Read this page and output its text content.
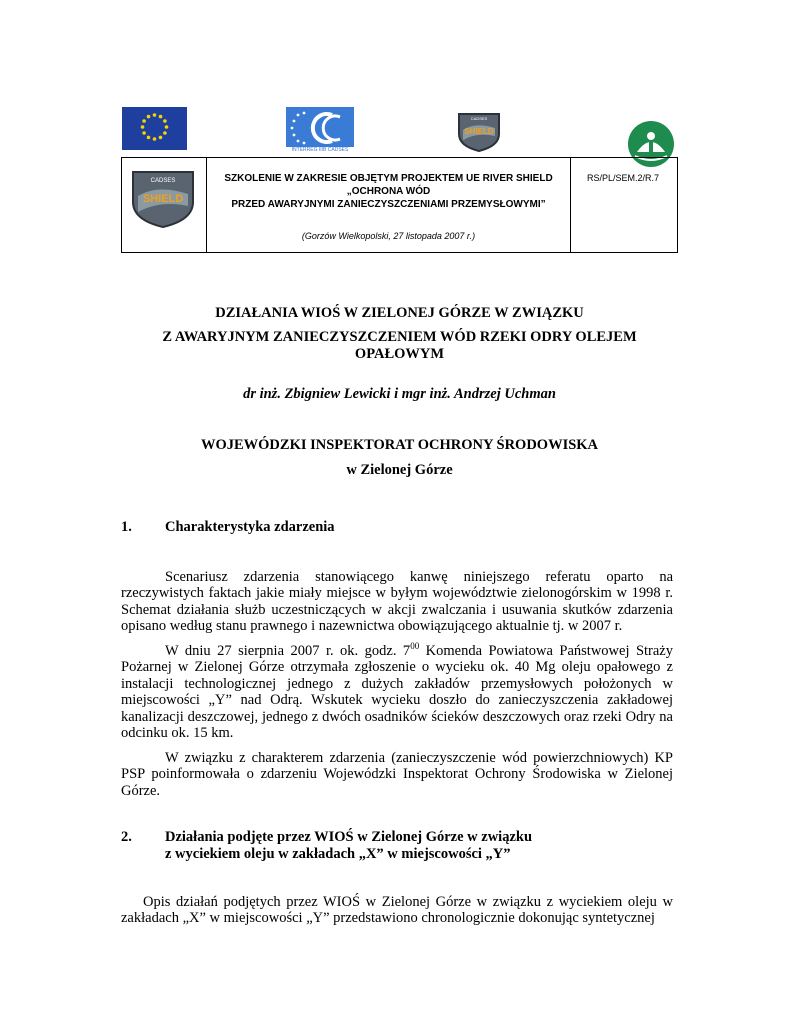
INTERREG IIIB CADSES
SHIELD
CADSES
SHIELD
CADSES	SZKOLENIE W ZAKRESIE OBJĘTYM PROJEKTEM UE RIVER SHIELD
„OCHRONA WÓD
PRZED AWARYJNYMI ZANIECZYSZCZENIAMI PRZEMYSŁOWYMI”
(Gorzów Wielkopolski, 27 listopada 2007 r.)
RS/PL/SEM.2/R.7
DZIAŁANIA WIOŚ W ZIELONEJ GÓRZE W ZWIĄZKU
Z AWARYJNYM ZANIECZYSZCZENIEM WÓD RZEKI ODRY OLEJEM
OPAŁOWYM
dr inż. Zbigniew Lewicki i mgr inż. Andrzej Uchman
WOJEWÓDZKI INSPEKTORAT OCHRONY ŚRODOWISKA
w Zielonej Górze
1. Charakterystyka zdarzenia

Scenariusz zdarzenia stanowiącego kanwę niniejszego referatu oparto na rzeczywistych faktach jakie miały miejsce w byłym województwie zielonogórskim w 1998 r. Schemat działania służb uczestniczących w akcji zwalczania i usuwania skutków zdarzenia opisano według stanu prawnego i nazewnictwa obowiązującego aktualnie tj. w 2007 r.

W dniu 27 sierpnia 2007 r. ok. godz. $7^{00}$ Komenda Powiatowa Państwowej Straży Pożarnej w Zielonej Górze otrzymała zgłoszenie o wycieku ok. 40 Mg oleju opałowego z instalacji technologicznej jednego z dużych zakładów przemysłowych położonych w miejscowości „Y” nad Odrą. Wskutek wycieku doszło do zanieczyszczenia zakładowej kanalizacji deszczowej, jednego z dwóch osadników ścieków deszczowych oraz rzeki Odry na odcinku ok. 15 km.

W związku z charakterem zdarzenia (zanieczyszczenie wód powierzchniowych) KP PSP poinformowała o zdarzeniu Wojewódzki Inspektorat Ochrony Środowiska w Zielonej Górze.

2. Działania podjęte przez WIOŚ w Zielonej Górze w związku
z wyciekiem oleju w zakładach „X” w miejscowości „Y”

Opis działań podjętych przez WIOŚ w Zielonej Górze w związku z wyciekiem oleju w zakładach „X” w miejscowości „Y” przedstawiono chronologicznie dokonując syntetycznej
